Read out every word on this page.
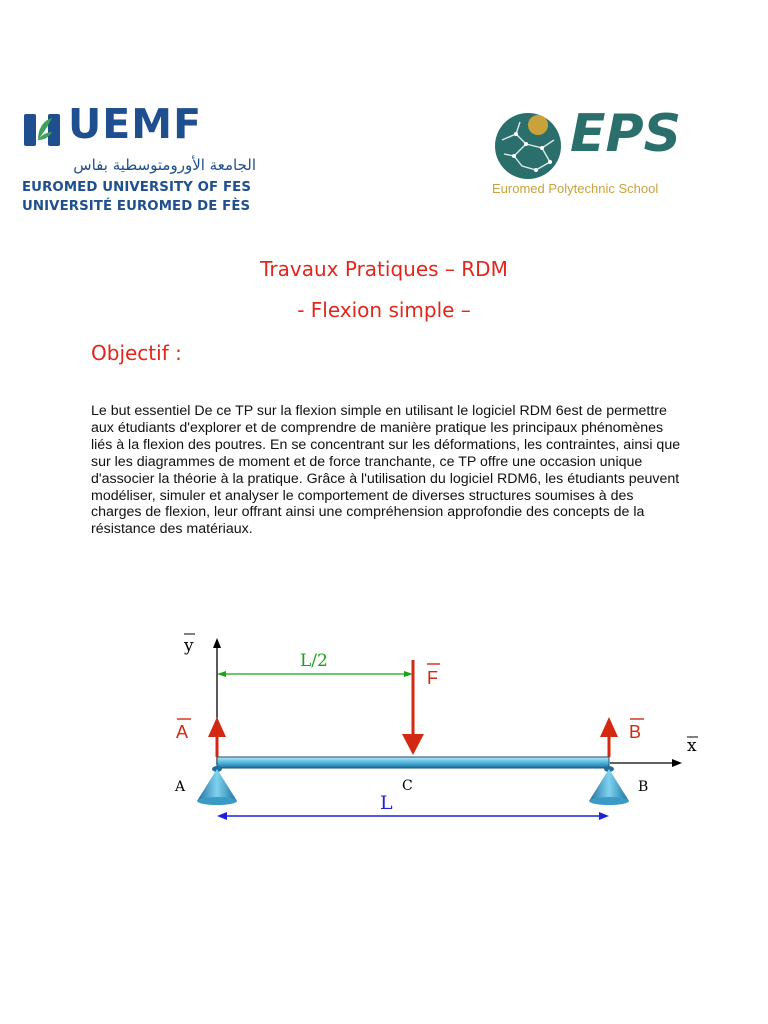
UEMF
الجامعة الأورومتوسطية بفاس
EUROMED UNIVERSITY OF FES
UNIVERSITÉ EUROMED DE FÈS
EPS
Euromed Polytechnic School
Travaux Pratiques – RDM
- Flexion simple –
Objectif :
Le but essentiel De ce TP sur la flexion simple en utilisant le logiciel RDM 6est de permettre aux étudiants d'explorer et de comprendre de manière pratique les principaux phénomènes liés à la flexion des poutres. En se concentrant sur les déformations, les contraintes, ainsi que sur les diagrammes de moment et de force tranchante, ce TP offre une occasion unique d'associer la théorie à la pratique. Grâce à l'utilisation du logiciel RDM6, les étudiants peuvent modéliser, simuler et analyser le comportement de diverses structures soumises à des charges de flexion, leur offrant ainsi une compréhension approfondie des concepts de la résistance des matériaux.
y
x
L/2
F
A	B
A	C	B
L
